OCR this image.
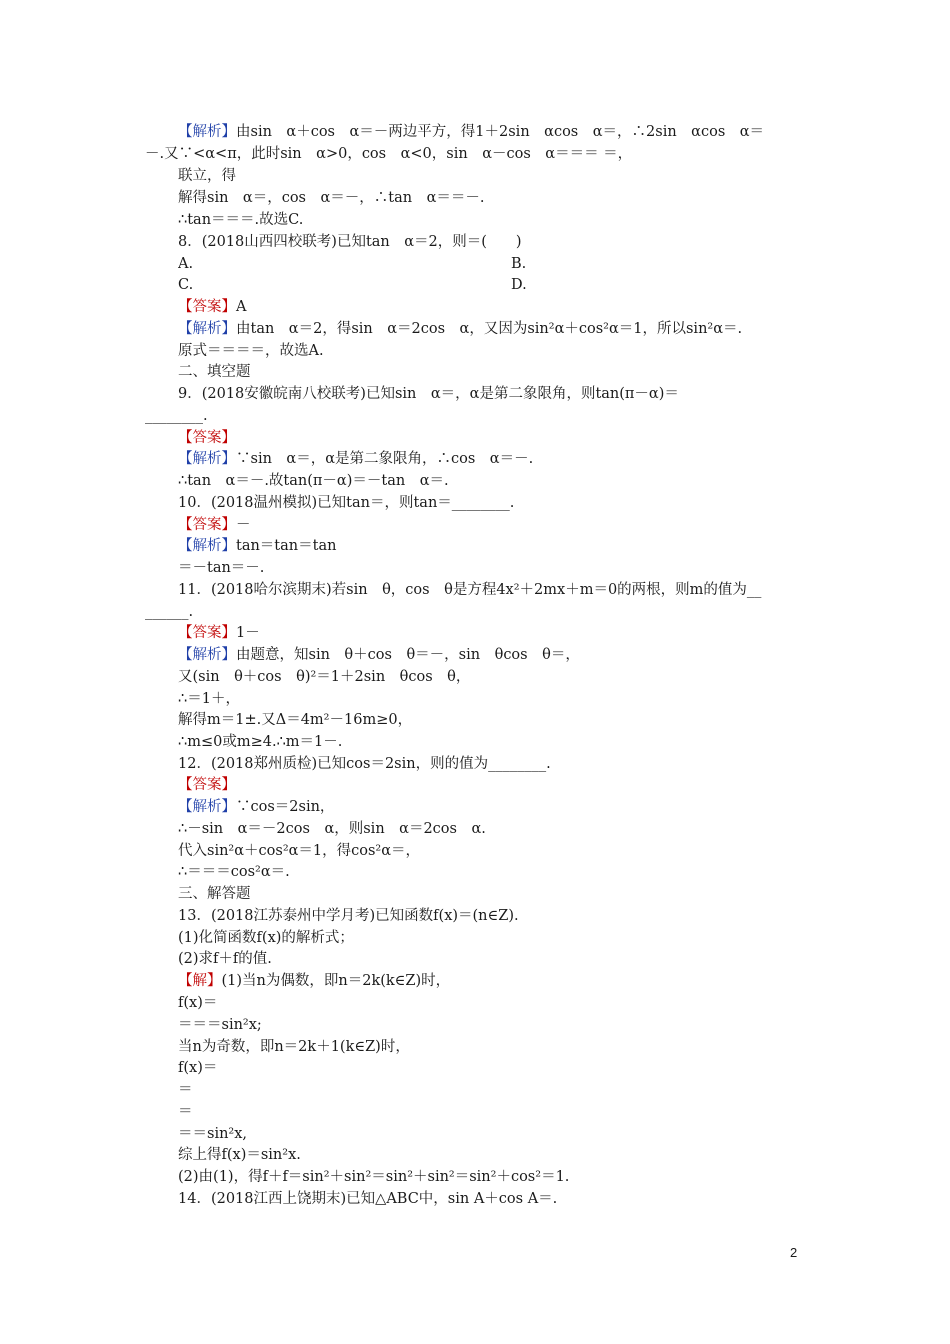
【解析】由sin　α＋cos　α＝－两边平方，得1＋2sin　αcos　α＝，∴2sin　αcos　α＝

－.又∵<α<π，此时sin　α>0，cos　α<0，sin　α－cos　α＝＝＝ ＝，

联立，得

解得sin　α＝，cos　α＝－，∴tan　α＝＝－.

∴tan＝＝＝.故选C.

8．(2018山西四校联考)已知tan　α＝2，则＝(　　)

A.	B.

C.	D.

【答案】A

【解析】由tan　α＝2，得sin　α＝2cos　α，又因为sin²α＋cos²α＝1，所以sin²α＝.

原式＝＝＝＝，故选A.

二、填空题

9．(2018安徽皖南八校联考)已知sin　α＝，α是第二象限角，则tan(π－α)＝

________.

【答案】

【解析】∵sin　α＝，α是第二象限角，∴cos　α＝－.

∴tan　α＝－.故tan(π－α)＝－tan　α＝.

10．(2018温州模拟)已知tan＝，则tan＝________.

【答案】－

【解析】tan＝tan＝tan

＝－tan＝－.

11．(2018哈尔滨期末)若sin　θ，cos　θ是方程4x²＋2mx＋m＝0的两根，则m的值为__

______.

【答案】1－

【解析】由题意，知sin　θ＋cos　θ＝－，sin　θcos　θ＝，

又(sin　θ＋cos　θ)²＝1＋2sin　θcos　θ，

∴＝1＋，

解得m＝1±.又Δ＝4m²－16m≥0，

∴m≤0或m≥4.∴m＝1－.

12．(2018郑州质检)已知cos＝2sin，则的值为________.

【答案】

【解析】∵cos＝2sin，

∴－sin　α＝－2cos　α，则sin　α＝2cos　α.

代入sin²α＋cos²α＝1，得cos²α＝，

∴＝＝＝cos²α＝.

三、解答题

13．(2018江苏泰州中学月考)已知函数f(x)＝(n∈Z).

(1)化简函数f(x)的解析式；

(2)求f＋f的值.

【解】(1)当n为偶数，即n＝2k(k∈Z)时，

f(x)＝

＝＝＝sin²x;

当n为奇数，即n＝2k＋1(k∈Z)时，

f(x)＝

＝

＝

＝＝sin²x,

综上得f(x)＝sin²x.

(2)由(1)，得f＋f＝sin²＋sin²＝sin²＋sin²＝sin²＋cos²＝1.

14．(2018江西上饶期末)已知△ABC中，sin A＋cos A＝.

2
